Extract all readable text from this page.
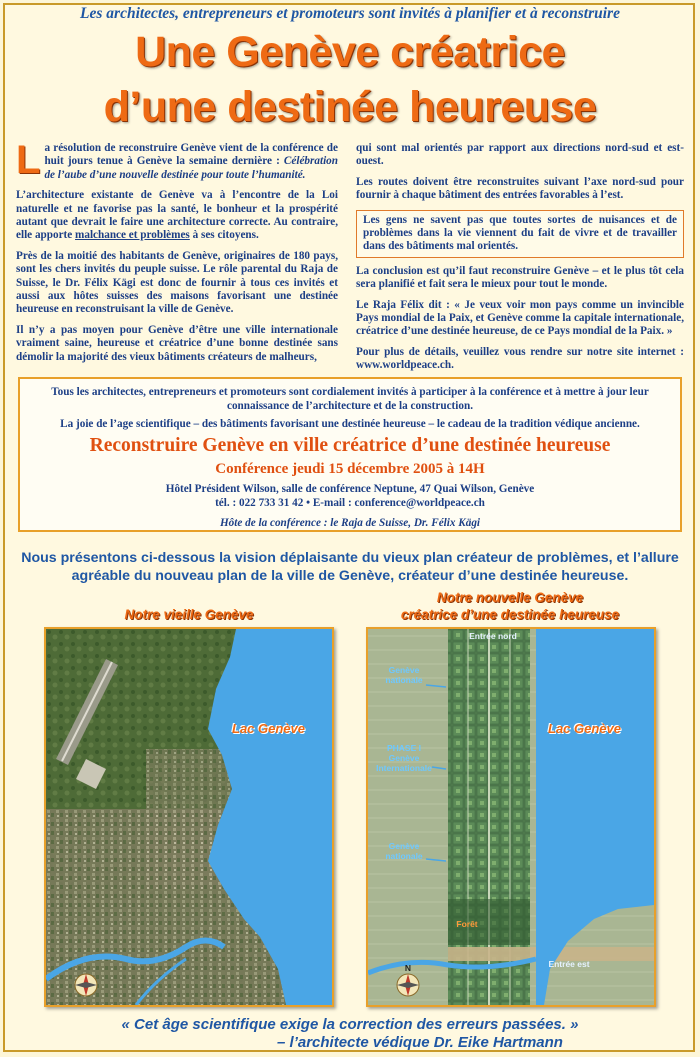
Les architectes, entrepreneurs et promoteurs sont invités à planifier et à reconstruire
Une Genève créatrice
d’une destinée heureuse

L a résolution de reconstruire Genève vient de la conférence de huit jours tenue à Genève la semaine dernière : Célébration de l’aube d’une nouvelle destinée pour toute l’humanité.

L’architecture existante de Genève va à l’encontre de la Loi naturelle et ne favorise pas la santé, le bonheur et la prospérité autant que devrait le faire une architecture correcte. Au contraire, elle apporte malchance et problèmes à ses citoyens.

Près de la moitié des habitants de Genève, originaires de 180 pays, sont les chers invités du peuple suisse. Le rôle parental du Raja de Suisse, le Dr. Félix Kägi est donc de fournir à tous ces invités et aussi aux hôtes suisses des maisons favorisant une destinée heureuse en reconstruisant la ville de Genève.

Il n’y a pas moyen pour Genève d’être une ville internationale vraiment saine, heureuse et créatrice d’une bonne destinée sans démolir la majorité des vieux bâtiments créateurs de malheurs,

qui sont mal orientés par rapport aux directions nord-sud et est-ouest.

Les routes doivent être reconstruites suivant l’axe nord-sud pour fournir à chaque bâtiment des entrées favorables à l’est.

Les gens ne savent pas que toutes sortes de nuisances et de problèmes dans la vie viennent du fait de vivre et de travailler dans des bâtiments mal orientés.

La conclusion est qu’il faut reconstruire Genève – et le plus tôt cela sera planifié et fait sera le mieux pour tout le monde.

Le Raja Félix dit : « Je veux voir mon pays comme un invincible Pays mondial de la Paix, et Genève comme la capitale internationale, créatrice d’une destinée heureuse, de ce Pays mondial de la Paix. »

Pour plus de détails, veuillez vous rendre sur notre site internet : www.worldpeace.ch.

Tous les architectes, entrepreneurs et promoteurs sont cordialement invités à participer à la conférence et à mettre à jour leur connaissance de l’architecture et de la construction.
La joie de l’age scientifique – des bâtiments favorisant une destinée heureuse – le cadeau de la tradition védique ancienne.
Reconstruire Genève en ville créatrice d’une destinée heureuse
Conférence jeudi 15 décembre 2005 à 14H
Hôtel Président Wilson, salle de conférence Neptune, 47 Quai Wilson, Genève
tél. : 022 733 31 42 • E-mail : conference@worldpeace.ch
Hôte de la conférence : le Raja de Suisse, Dr. Félix Kägi
Nous présentons ci-dessous la vision déplaisante du vieux plan créateur de problèmes, et l’allure agréable du nouveau plan de la ville de Genève, créateur d’une destinée heureuse.
Notre vieille Genève
Notre nouvelle Genève
créatrice d’une destinée heureuse
Lac Genève	Lac Genève
Entrée nord
Genève nationale
PHASE I Genève Internationale
Genève nationale
Forêt
Entrée est
N
« Cet âge scientifique exige la correction des erreurs passées. »
– l’architecte védique Dr. Eike Hartmann
